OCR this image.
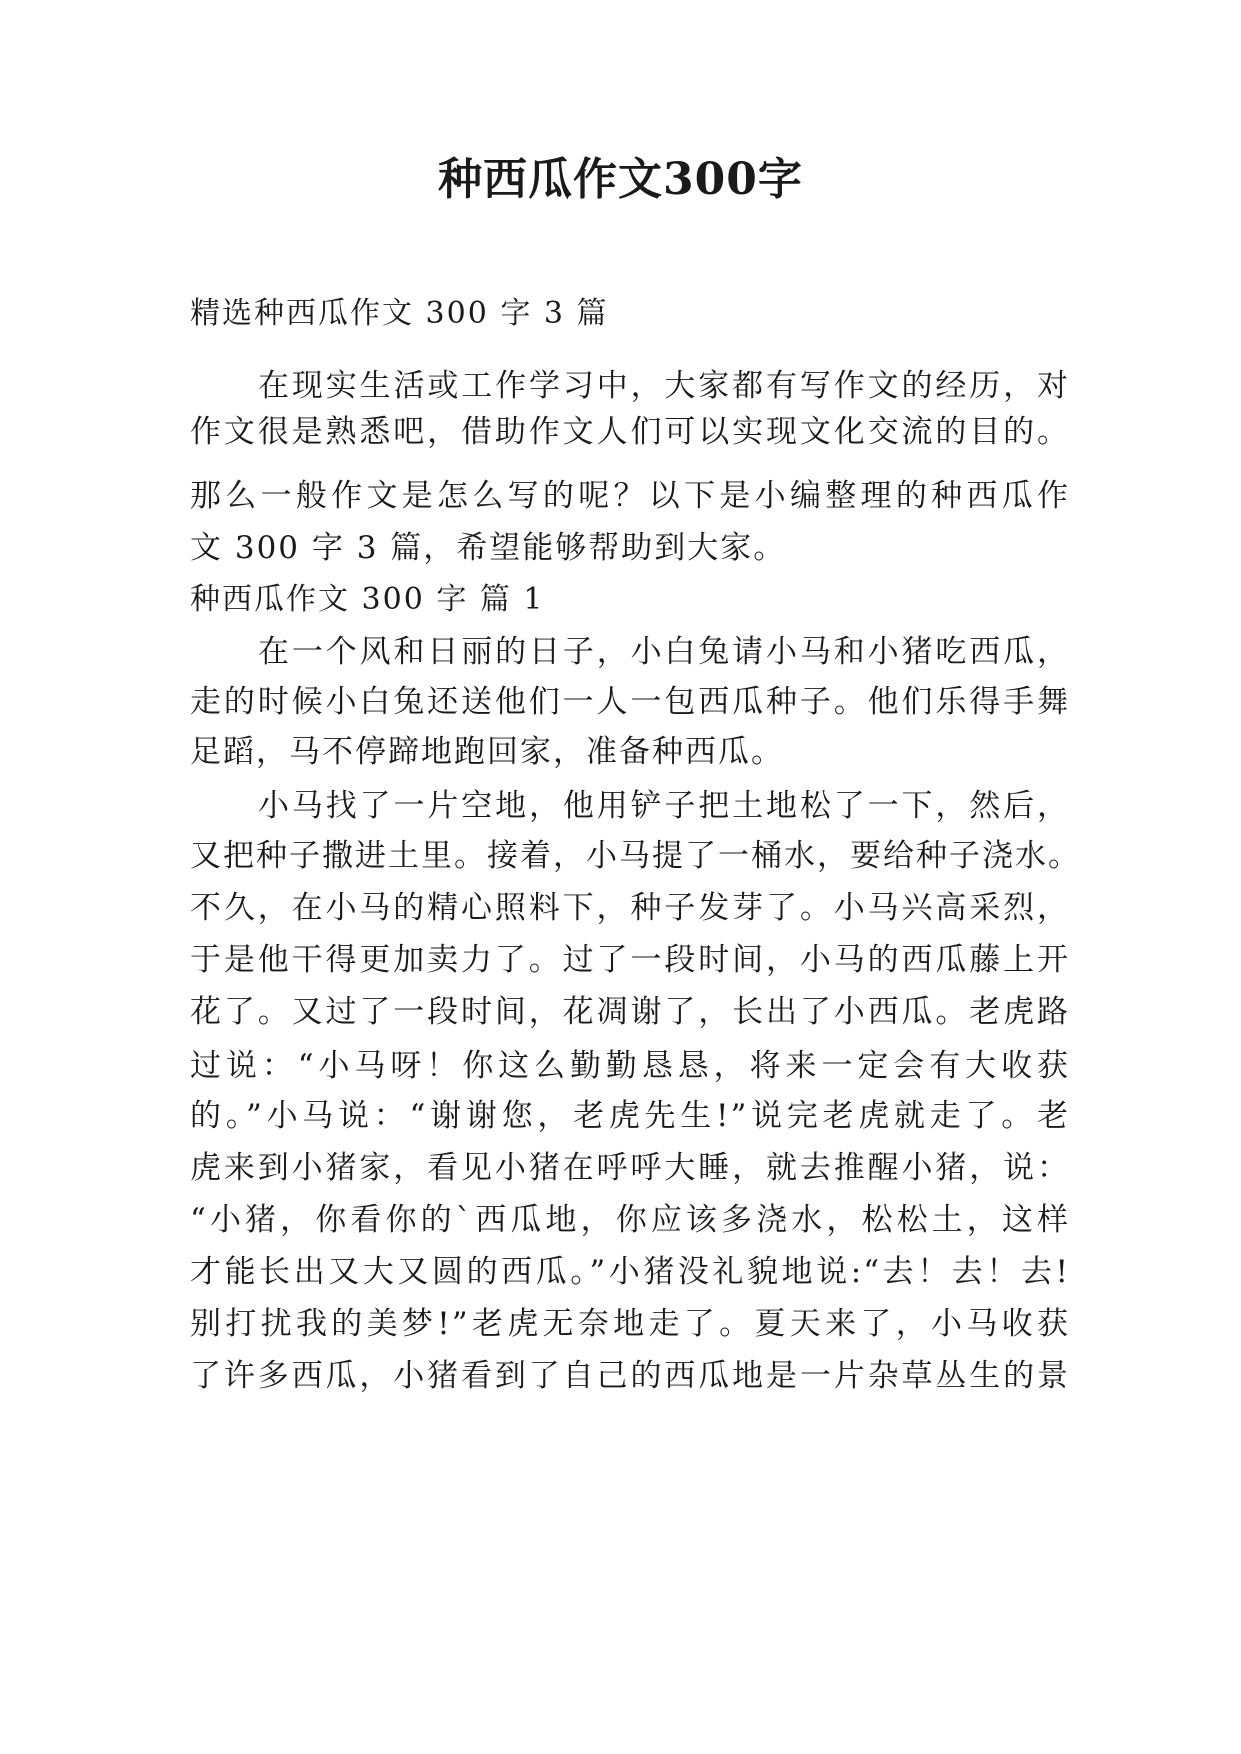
种西瓜作文300字
精选种西瓜作文 300 字 3 篇
在现实生活或工作学习中，大家都有写作文的经历，对
作文很是熟悉吧，借助作文人们可以实现文化交流的目的。
那么一般作文是怎么写的呢？以下是小编整理的种西瓜作
文 300 字 3 篇，希望能够帮助到大家。
种西瓜作文 300 字 篇 1
在一个风和日丽的日子，小白兔请小马和小猪吃西瓜，
走的时候小白兔还送他们一人一包西瓜种子。他们乐得手舞
足蹈，马不停蹄地跑回家，准备种西瓜。
小马找了一片空地，他用铲子把土地松了一下，然后，
又把种子撒进土里。接着，小马提了一桶水，要给种子浇水。
不久，在小马的精心照料下，种子发芽了。小马兴高采烈，
于是他干得更加卖力了。过了一段时间，小马的西瓜藤上开
花了。又过了一段时间，花凋谢了，长出了小西瓜。老虎路
过说：“小马呀！你这么勤勤恳恳，将来一定会有大收获
的。”小马说：“谢谢您，老虎先生!”说完老虎就走了。老
虎来到小猪家，看见小猪在呼呼大睡，就去推醒小猪，说：
“小猪，你看你的`西瓜地，你应该多浇水，松松土，这样
才能长出又大又圆的西瓜。”小猪没礼貌地说:“去！去！去!
别打扰我的美梦!”老虎无奈地走了。夏天来了，小马收获
了许多西瓜，小猪看到了自己的西瓜地是一片杂草丛生的景
